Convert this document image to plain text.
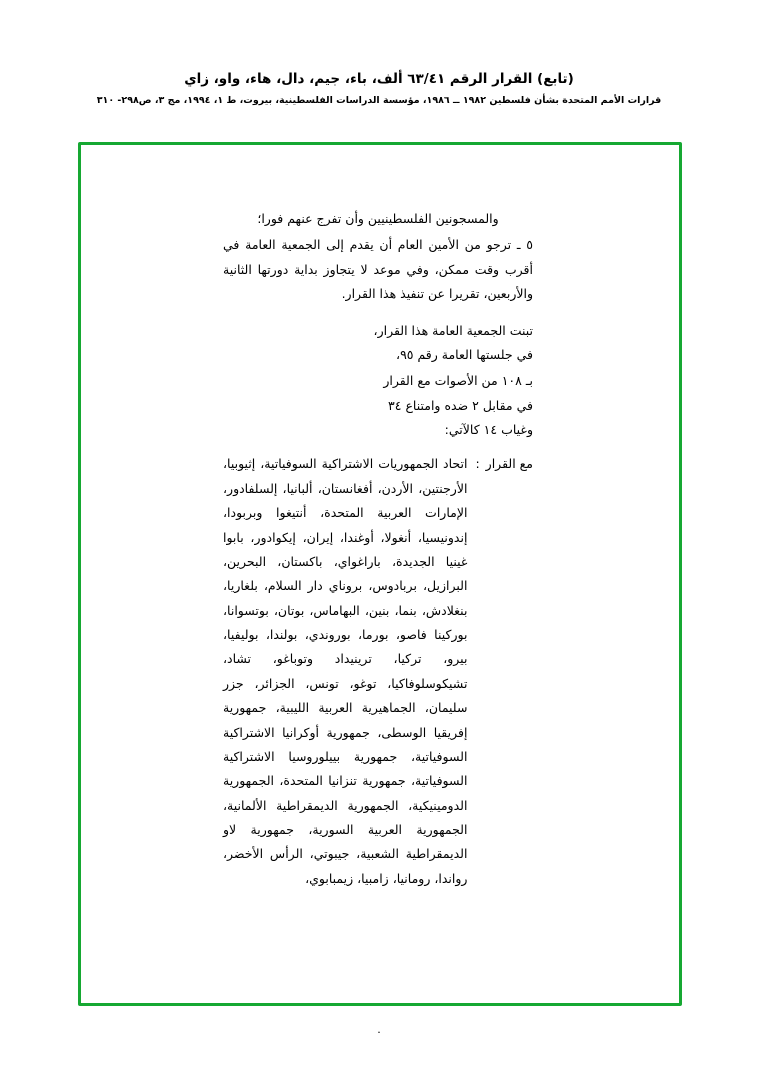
(تابع) القرار الرقم ٦٣/٤١ ألف، باء، جيم، دال، هاء، واو، زاي
قرارات الأمم المتحدة بشأن فلسطين ١٩٨٢ ــ ١٩٨٦، مؤسسة الدراسات الفلسطينية، بيروت، ط ١، ١٩٩٤، مج ٣، ص٢٩٨- ٣١٠
والمسجونين الفلسطينيين وأن تفرج عنهم فورا؛
٥ ـ ترجو من الأمين العام أن يقدم إلى الجمعية العامة في أقرب وقت ممكن، وفي موعد لا يتجاوز بداية دورتها الثانية والأربعين، تقريرا عن تنفيذ هذا القرار.
تبنت الجمعية العامة هذا القرار،
في جلستها العامة رقم ٩٥،
بـ ١٠٨ من الأصوات مع القرار
في مقابل ٢ ضده وامتناع ٣٤
وغياب ١٤ كالآتي:
مع القرار
:
اتحاد الجمهوريات الاشتراكية السوفياتية، إثيوبيا، الأرجنتين، الأردن، أفغانستان، ألبانيا، إلسلفادور، الإمارات العربية المتحدة، أنتيغوا وبربودا، إندونيسيا، أنغولا، أوغندا، إيران، إيكوادور، بابوا غينيا الجديدة، باراغواي، باكستان، البحرين، البرازيل، بربادوس، بروناي دار السلام، بلغاريا، بنغلادش، بنما، بنين، البهاماس، بوتان، بوتسوانا، بوركينا فاصو، بورما، بوروندي، بولندا، بوليفيا، بيرو، تركيا، ترينيداد وتوباغو، تشاد، تشيكوسلوفاكيا، توغو، تونس، الجزائر، جزر سليمان، الجماهيرية العربية الليبية، جمهورية إفريقيا الوسطى، جمهورية أوكرانيا الاشتراكية السوفياتية، جمهورية بييلوروسيا الاشتراكية السوفياتية، جمهورية تنزانيا المتحدة، الجمهورية الدومينيكية، الجمهورية الديمقراطية الألمانية، الجمهورية العربية السورية، جمهورية لاو الديمقراطية الشعبية، جيبوتي، الرأس الأخضر، رواندا، رومانيا، زامبيا، زيمبابوي،
.
